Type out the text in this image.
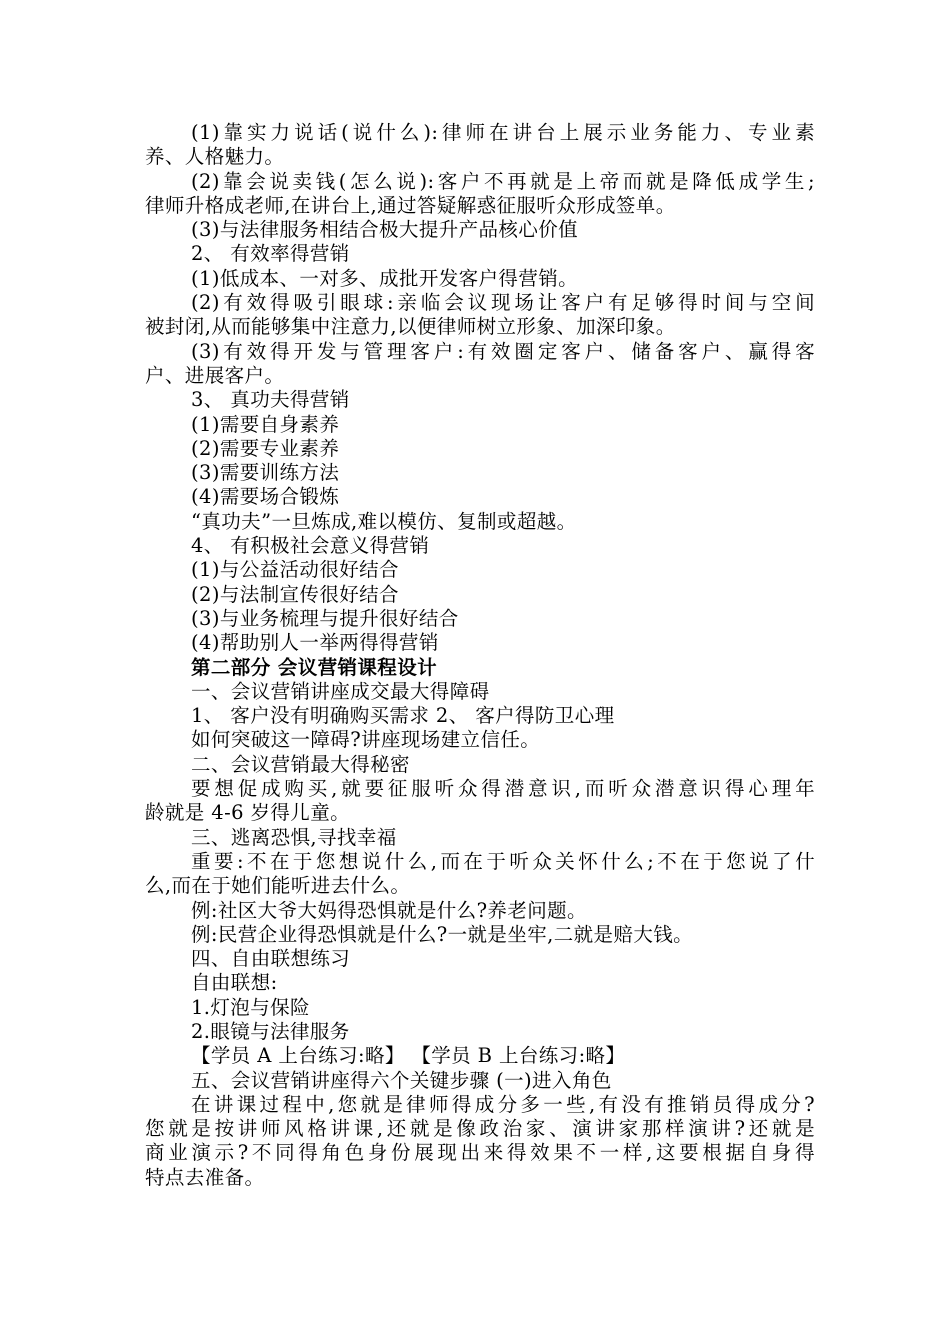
(1)靠实力说话(说什么):律师在讲台上展示业务能力、专业素
养、人格魅力。
(2)靠会说卖钱(怎么说):客户不再就是上帝而就是降低成学生;
律师升格成老师,在讲台上,通过答疑解惑征服听众形成签单。
(3)与法律服务相结合极大提升产品核心价值
2、 有效率得营销
(1)低成本、一对多、成批开发客户得营销。
(2)有效得吸引眼球:亲临会议现场让客户有足够得时间与空间
被封闭,从而能够集中注意力,以便律师树立形象、加深印象。
(3)有效得开发与管理客户:有效圈定客户、储备客户、赢得客
户、进展客户。
3、 真功夫得营销
(1)需要自身素养
(2)需要专业素养
(3)需要训练方法
(4)需要场合锻炼
“真功夫”一旦炼成,难以模仿、复制或超越。
4、 有积极社会意义得营销
(1)与公益活动很好结合
(2)与法制宣传很好结合
(3)与业务梳理与提升很好结合
(4)帮助别人一举两得得营销
第二部分 会议营销课程设计
一、会议营销讲座成交最大得障碍
1、 客户没有明确购买需求 2、 客户得防卫心理
如何突破这一障碍?讲座现场建立信任。
二、会议营销最大得秘密
要想促成购买,就要征服听众得潜意识,而听众潜意识得心理年
龄就是 4-6 岁得儿童。
三、逃离恐惧,寻找幸福
重要:不在于您想说什么,而在于听众关怀什么;不在于您说了什
么,而在于她们能听进去什么。
例:社区大爷大妈得恐惧就是什么?养老问题。
例:民营企业得恐惧就是什么?一就是坐牢,二就是赔大钱。
四、自由联想练习
自由联想:
1.灯泡与保险
2.眼镜与法律服务
【学员 A 上台练习:略】 【学员 B 上台练习:略】
五、会议营销讲座得六个关键步骤 (一)进入角色
在讲课过程中,您就是律师得成分多一些,有没有推销员得成分?
您就是按讲师风格讲课,还就是像政治家、演讲家那样演讲?还就是
商业演示?不同得角色身份展现出来得效果不一样,这要根据自身得
特点去准备。
